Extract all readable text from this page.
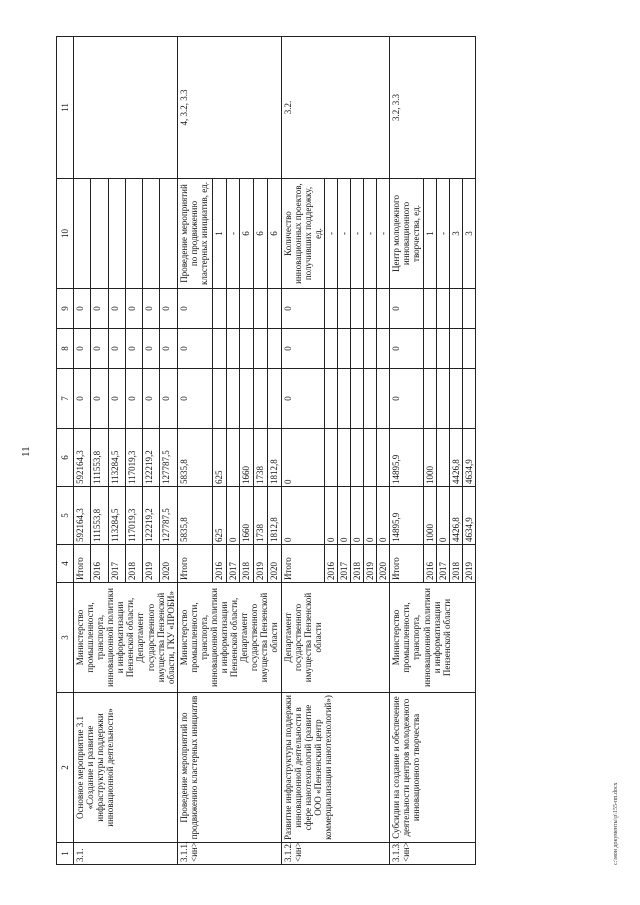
11
1	2	3	4	5	6	7	8	9	10	11
3.1.	Основное мероприятие 3.1 «Создание и развитие инфраструктуры поддержки инновационной деятельности»	Министерство промышленности, транспорта, инновационной политики и информатизации Пензенской области, Департамент государственного имущества Пензенской области, ГКУ «ПРОБИ»	Итого	592164,3	592164,3	0	0	0		
			2016	111553,8	111553,8	0	0	0		
			2017	113284,5	113284,5	0	0	0		
			2018	117019,3	117019,3	0	0	0		
			2019	122219,2	122219,2	0	0	0		
			2020	127787,5	127787,5	0	0	0		
3.1.1. <ин>	Проведение мероприятий по продвижению кластерных инициатив	Министерство промышленности, транспорта, инновационной политики и информатизации Пензенской области, Департамент государственного имущества Пензенской области	Итого	5835,8	5835,8	0	0	0	Проведение мероприятий по продвижению кластерных инициатив, ед.	4, 3.2, 3.3
			2016	625	625				1	
			2017	0					-	
			2018	1660	1660				6	
			2019	1738	1738				6	
			2020	1812,8	1812,8				6	
3.1.2. <ин>	Развитие инфраструктуры поддержки инновационной деятельности в сфере нанотехнологий (развитие ООО «Пензенский центр коммерциализации нанотехнологий»)	Департамент государственного имущества Пензенской области	Итого	0	0	0	0	0	Количество инновационных проектов, получивших поддержку, ед.	3.2.
			2016	0					-	
			2017	0					-	
			2018	0					-	
			2019	0					-	
			2020	0					-	
3.1.3. <ин>	Субсидии на создание и обеспечение деятельности центров молодежного инновационного творчества	Министерство промышленности, транспорта, инновационной политики и информатизации Пензенской области	Итого	14895,9	14895,9	0	0	0	Центр молодежного инновационного творчества, ед.	3.2, 3.3
			2016	1000	1000				1	
			2017	0					-	
			2018	4426,8	4426,8				3	
			2019	4634,9	4634,9				3	
c:\мои документы\р\155-пп.docx
